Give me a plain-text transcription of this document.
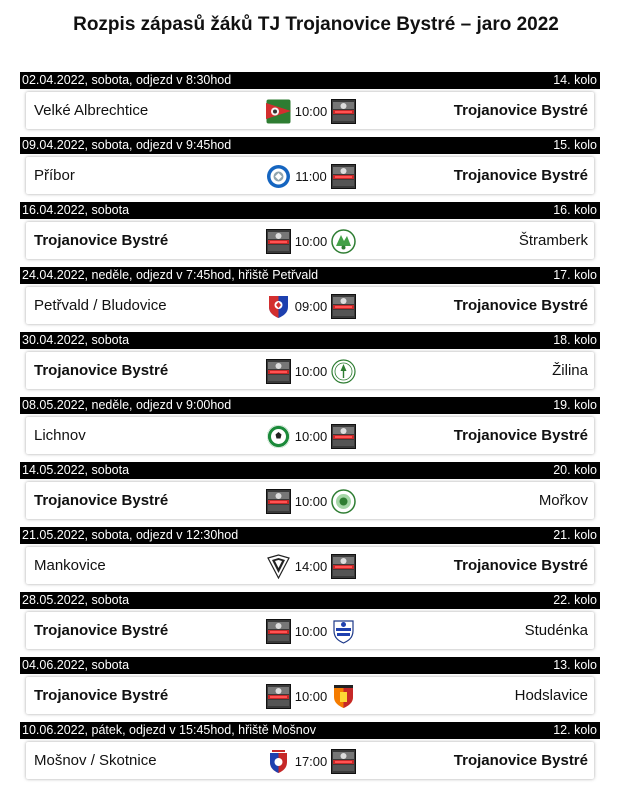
Rozpis zápasů žáků TJ Trojanovice Bystré – jaro 2022
02.04.2022, sobota, odjezd v 8:30hod	14. kolo
Velké Albrechtice	10:00	Trojanovice Bystré
09.04.2022, sobota, odjezd v 9:45hod	15. kolo
Příbor	11:00	Trojanovice Bystré
16.04.2022, sobota	16. kolo
Trojanovice Bystré	10:00	Štramberk
24.04.2022, neděle, odjezd v 7:45hod, hřiště Petřvald	17. kolo
Petřvald / Bludovice	09:00	Trojanovice Bystré
30.04.2022, sobota	18. kolo
Trojanovice Bystré	10:00	Žilina
08.05.2022, neděle, odjezd v 9:00hod	19. kolo
Lichnov	10:00	Trojanovice Bystré
14.05.2022, sobota	20. kolo
Trojanovice Bystré	10:00	Mořkov
21.05.2022, sobota, odjezd v 12:30hod	21. kolo
Mankovice	14:00	Trojanovice Bystré
28.05.2022, sobota	22. kolo
Trojanovice Bystré	10:00	Studénka
04.06.2022, sobota	13. kolo
Trojanovice Bystré	10:00	Hodslavice
10.06.2022, pátek, odjezd v 15:45hod, hřiště Mošnov	12. kolo
Mošnov / Skotnice	17:00	Trojanovice Bystré
